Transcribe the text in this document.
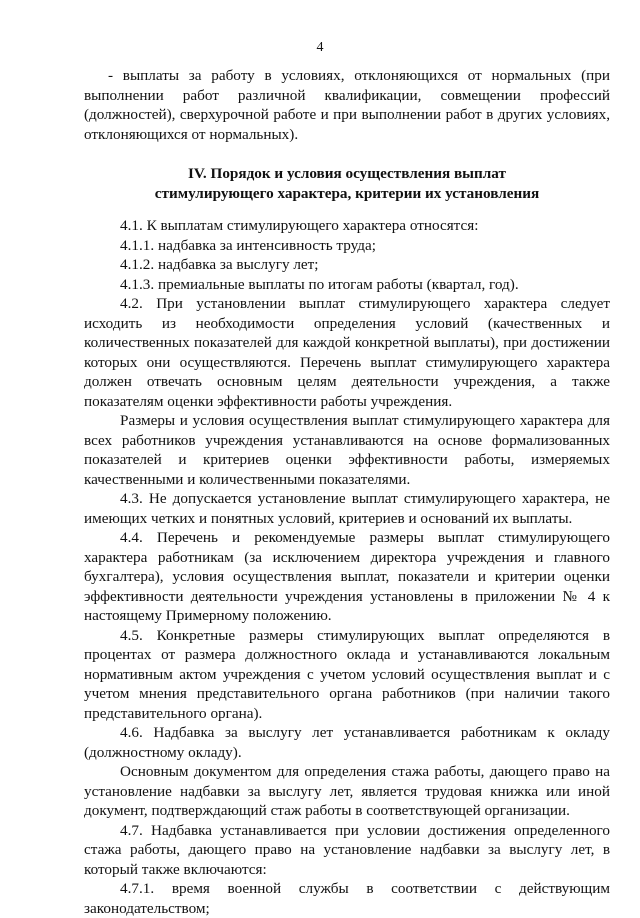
4

- выплаты за работу в условиях, отклоняющихся от нормальных (при выполнении работ различной квалификации, совмещении профессий (должностей), сверхурочной работе и при выполнении работ в других условиях, отклоняющихся от нормальных).

IV. Порядок и условия осуществления выплат
стимулирующего характера, критерии их установления

4.1. К выплатам стимулирующего характера относятся:

4.1.1. надбавка за интенсивность труда;

4.1.2. надбавка за выслугу лет;

4.1.3. премиальные выплаты по итогам работы (квартал, год).

4.2. При установлении выплат стимулирующего характера следует исходить из необходимости определения условий (качественных и количественных показателей для каждой конкретной выплаты), при достижении которых они осуществляются. Перечень выплат стимулирующего характера должен отвечать основным целям деятельности учреждения, а также показателям оценки эффективности работы учреждения.

Размеры и условия осуществления выплат стимулирующего характера для всех работников учреждения устанавливаются на основе формализованных показателей и критериев оценки эффективности работы, измеряемых качественными и количественными показателями.

4.3. Не допускается установление выплат стимулирующего характера, не имеющих четких и понятных условий, критериев и оснований их выплаты.

4.4. Перечень и рекомендуемые размеры выплат стимулирующего характера работникам (за исключением директора учреждения и главного бухгалтера), условия осуществления выплат, показатели и критерии оценки эффективности деятельности учреждения установлены в приложении № 4 к настоящему Примерному положению.

4.5. Конкретные размеры стимулирующих выплат определяются в процентах от размера должностного оклада и устанавливаются локальным нормативным актом учреждения с учетом условий осуществления выплат и с учетом мнения представительного органа работников (при наличии такого представительного органа).

4.6. Надбавка за выслугу лет устанавливается работникам к окладу (должностному окладу).

Основным документом для определения стажа работы, дающего право на установление надбавки за выслугу лет, является трудовая книжка или иной документ, подтверждающий стаж работы в соответствующей организации.

4.7. Надбавка устанавливается при условии достижения определенного стажа работы, дающего право на установление надбавки за выслугу лет, в который также включаются:

4.7.1. время военной службы в соответствии с действующим законодательством;
